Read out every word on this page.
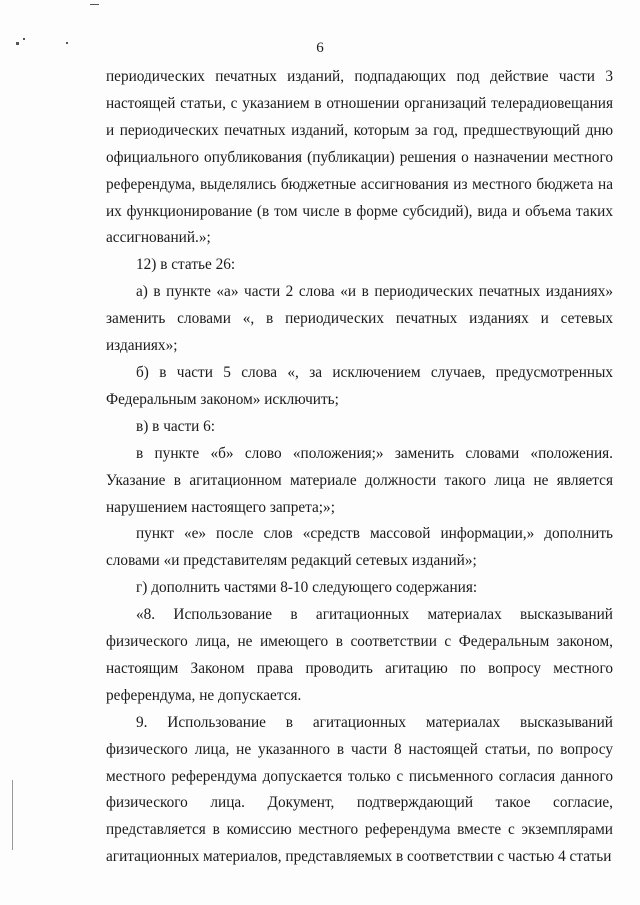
6

периодических печатных изданий, подпадающих под действие части 3 настоящей статьи, с указанием в отношении организаций телерадиовещания и периодических печатных изданий, которым за год, предшествующий дню официального опубликования (публикации) решения о назначении местного референдума, выделялись бюджетные ассигнования из местного бюджета на их функционирование (в том числе в форме субсидий), вида и объема таких ассигнований.»;

12) в статье 26:

а) в пункте «а» части 2 слова «и в периодических печатных изданиях» заменить словами «, в периодических печатных изданиях и сетевых изданиях»;

б) в части 5 слова «, за исключением случаев, предусмотренных Федеральным законом» исключить;

в) в части 6:

в пункте «б» слово «положения;» заменить словами «положения. Указание в агитационном материале должности такого лица не является нарушением настоящего запрета;»;

пункт «е» после слов «средств массовой информации,» дополнить словами «и представителям редакций сетевых изданий»;

г) дополнить частями 8-10 следующего содержания:

«8. Использование в агитационных материалах высказываний физического лица, не имеющего в соответствии с Федеральным законом, настоящим Законом права проводить агитацию по вопросу местного референдума, не допускается.

9. Использование в агитационных материалах высказываний физического лица, не указанного в части 8 настоящей статьи, по вопросу местного референдума допускается только с письменного согласия данного физического лица. Документ, подтверждающий такое согласие, представляется в комиссию местного референдума вместе с экземплярами агитационных материалов, представляемых в соответствии с частью 4 статьи
